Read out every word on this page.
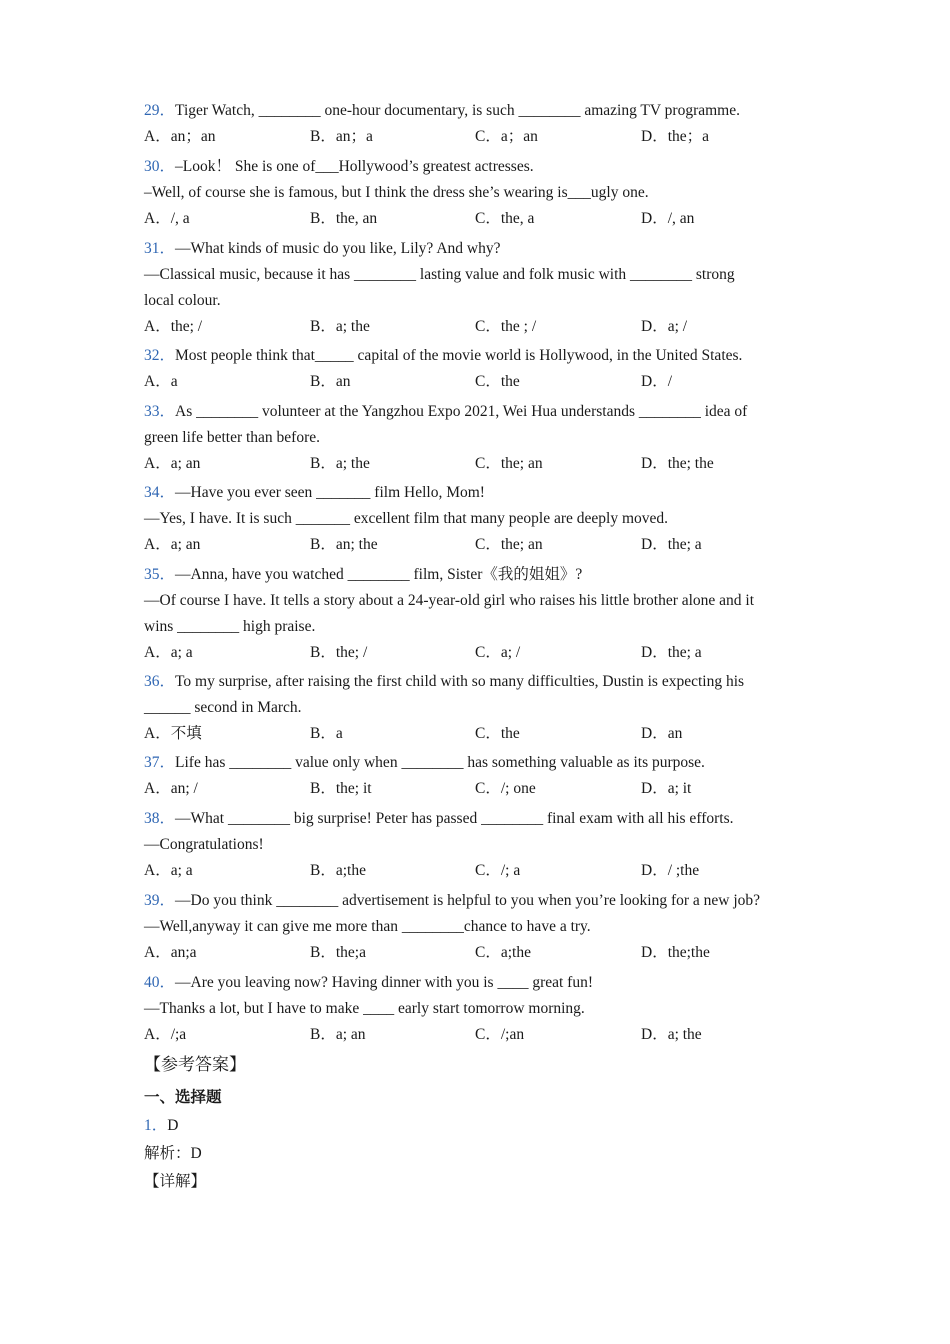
29．Tiger Watch, ________ one-hour documentary, is such ________ amazing TV programme.
A．an；an	B．an；a	C．a；an	D．the；a
30．–Look！ She is one of___Hollywood’s greatest actresses.
–Well, of course she is famous, but I think the dress she’s wearing is___ugly one.
A．/, a	B．the, an	C．the, a	D．/, an
31．—What kinds of music do you like, Lily? And why?
—Classical music, because it has ________ lasting value and folk music with ________ strong
local colour.
A．the; /	B．a; the	C．the ; /	D．a; /
32．Most people think that_____ capital of the movie world is Hollywood, in the United States.
A．a	B．an	C．the	D．/
33．As ________ volunteer at the Yangzhou Expo 2021, Wei Hua understands ________ idea of
green life better than before.
A．a; an	B．a; the	C．the; an	D．the; the
34．—Have you ever seen _______ film Hello, Mom!
—Yes, I have. It is such _______ excellent film that many people are deeply moved.
A．a; an	B．an; the	C．the; an	D．the; a
35．—Anna, have you watched ________ film, Sister《我的姐姐》?
—Of course I have. It tells a story about a 24-year-old girl who raises his little brother alone and it
wins ________ high praise.
A．a; a	B．the; /	C．a; /	D．the; a
36．To my surprise, after raising the first child with so many difficulties, Dustin is expecting his
______ second in March.
A．不填	B．a	C．the	D．an
37．Life has ________ value only when ________ has something valuable as its purpose.
A．an; /	B．the; it	C．/; one	D．a; it
38．—What ________ big surprise! Peter has passed ________ final exam with all his efforts.
—Congratulations!
A．a; a	B．a;the	C．/; a	D．/ ;the
39．—Do you think ________ advertisement is helpful to you when you’re looking for a new job?
—Well,anyway it can give me more than ________chance to have a try.
A．an;a	B．the;a	C．a;the	D．the;the
40．—Are you leaving now? Having dinner with you is ____ great fun!
—Thanks a lot, but I have to make ____ early start tomorrow morning.
A．/;a	B．a; an	C．/;an	D．a; the
【参考答案】
一、选择题
1．D
解析：D
【详解】
